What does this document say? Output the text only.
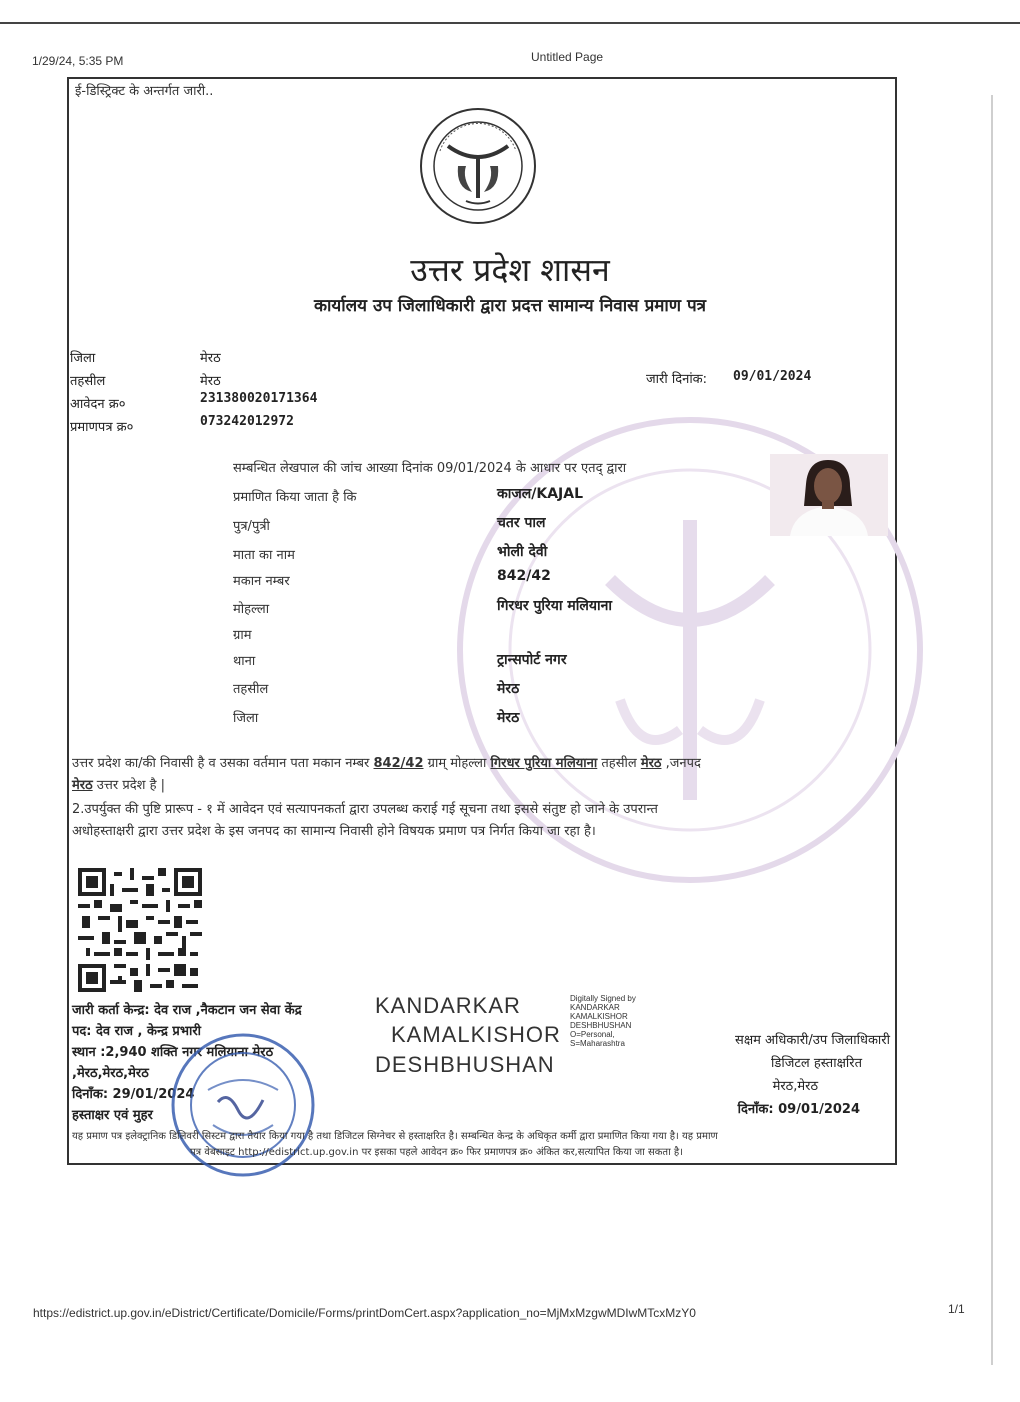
1/29/24, 5:35 PM	Untitled Page
ई-डिस्ट्रिक्ट के अन्तर्गत जारी..
उत्तर प्रदेश शासन
कार्यालय उप जिलाधिकारी द्वारा प्रदत्त सामान्य निवास प्रमाण पत्र
जिला	मेरठ
तहसील	मेरठ
आवेदन क्र०	231380020171364
प्रमाणपत्र क्र०	073242012972
जारी दिनांक: 09/01/2024
सम्बन्धित लेखपाल की जांच आख्या दिनांक 09/01/2024 के आधार पर एतद् द्वारा
प्रमाणित किया जाता है कि	काजल/KAJAL
पुत्र/पुत्री	चतर पाल
माता का नाम	भोली देवी
मकान नम्बर	842/42
मोहल्ला	गिरधर पुरिया मलियाना
ग्राम
थाना	ट्रान्सपोर्ट नगर
तहसील	मेरठ
जिला	मेरठ
उत्तर प्रदेश का/की निवासी है व उसका वर्तमान पता मकान नम्बर 842/42 ग्राम् मोहल्ला गिरधर पुरिया मलियाना तहसील मेरठ ,जनपद
मेरठ उत्तर प्रदेश है |
2.उपर्युक्त की पुष्टि प्रारूप - १ में आवेदन एवं सत्यापनकर्ता द्वारा उपलब्ध कराई गई सूचना तथा इससे संतुष्ट हो जाने के उपरान्त
अधोहस्ताक्षरी द्वारा उत्तर प्रदेश के इस जनपद का सामान्य निवासी होने विषयक प्रमाण पत्र निर्गत किया जा रहा है।
जारी कर्ता केन्द्र: देव राज ,नैकटान जन सेवा केंद्र
पद: देव राज , केन्द्र प्रभारी
स्थान :2,940 शक्ति नगर मलियाना मेरठ
,मेरठ,मेरठ,मेरठ
दिनाँक: 29/01/2024
हस्ताक्षर एवं मुहर
KANDARKAR
KAMALKISHOR
DESHBHUSHAN
Digitally Signed by
KANDARKAR
KAMALKISHOR
DESHBHUSHAN
O=Personal,
S=Maharashtra	सक्षम अधिकारी/उप जिलाधिकारी
डिजिटल हस्ताक्षरित
मेरठ,मेरठ
दिनाँक: 09/01/2024
यह प्रमाण पत्र इलेक्ट्रानिक डिलिवरी सिस्टम द्वारा तैयार किया गया है तथा डिजिटल सिग्नेचर से हस्ताक्षरित है। सम्बन्धित केन्द्र के अधिकृत कर्मी द्वारा प्रमाणित किया गया है। यह प्रमाण
पत्र वेबसाइट http://edistrict.up.gov.in पर इसका पहले आवेदन क्र० फिर प्रमाणपत्र क्र० अंकित कर,सत्यापित किया जा सकता है।
https://edistrict.up.gov.in/eDistrict/Certificate/Domicile/Forms/printDomCert.aspx?application_no=MjMxMzgwMDIwMTcxMzY0	1/1
